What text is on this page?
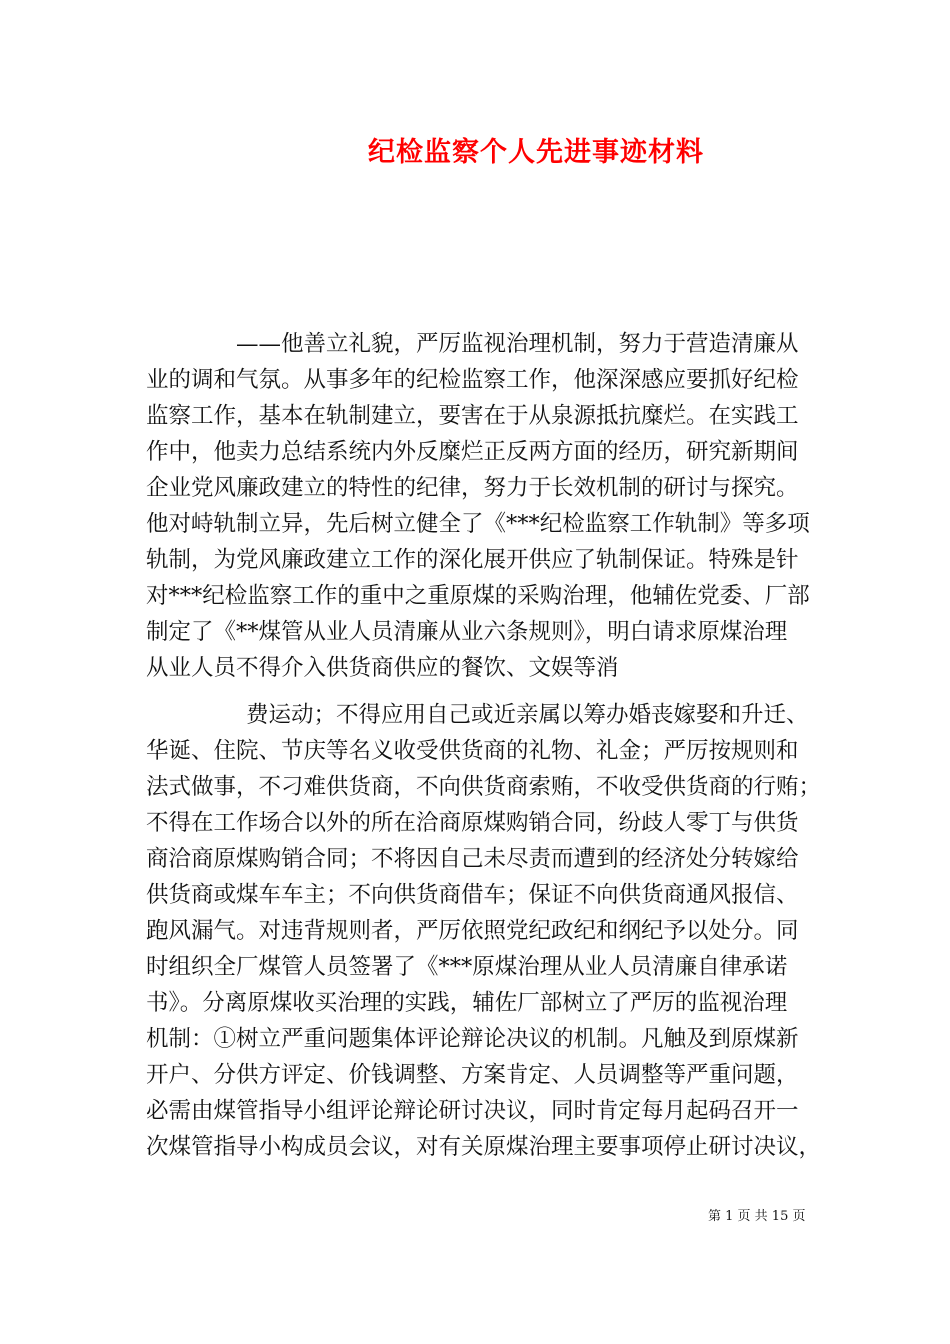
纪检监察个人先进事迹材料
——他善立礼貌，严厉监视治理机制，努力于营造清廉从
业的调和气氛。从事多年的纪检监察工作，他深深感应要抓好纪检
监察工作，基本在轨制建立，要害在于从泉源抵抗糜烂。在实践工
作中，他卖力总结系统内外反糜烂正反两方面的经历，研究新期间
企业党风廉政建立的特性的纪律，努力于长效机制的研讨与探究。
他对峙轨制立异，先后树立健全了《***纪检监察工作轨制》等多项
轨制，为党风廉政建立工作的深化展开供应了轨制保证。特殊是针
对***纪检监察工作的重中之重原煤的采购治理，他辅佐党委、厂部
制定了《**煤管从业人员清廉从业六条规则》，明白请求原煤治理
从业人员不得介入供货商供应的餐饮、文娱等消
费运动；不得应用自己或近亲属以筹办婚丧嫁娶和升迁、
华诞、住院、节庆等名义收受供货商的礼物、礼金；严厉按规则和
法式做事，不刁难供货商，不向供货商索贿，不收受供货商的行贿；
不得在工作场合以外的所在洽商原煤购销合同，纷歧人零丁与供货
商洽商原煤购销合同；不将因自己未尽责而遭到的经济处分转嫁给
供货商或煤车车主；不向供货商借车；保证不向供货商通风报信、
跑风漏气。对违背规则者，严厉依照党纪政纪和纲纪予以处分。同
时组织全厂煤管人员签署了《***原煤治理从业人员清廉自律承诺
书》。分离原煤收买治理的实践，辅佐厂部树立了严厉的监视治理
机制：①树立严重问题集体评论辩论决议的机制。凡触及到原煤新
开户、分供方评定、价钱调整、方案肯定、人员调整等严重问题，
必需由煤管指导小组评论辩论研讨决议，同时肯定每月起码召开一
次煤管指导小构成员会议，对有关原煤治理主要事项停止研讨决议，
第 1 页 共 15 页
